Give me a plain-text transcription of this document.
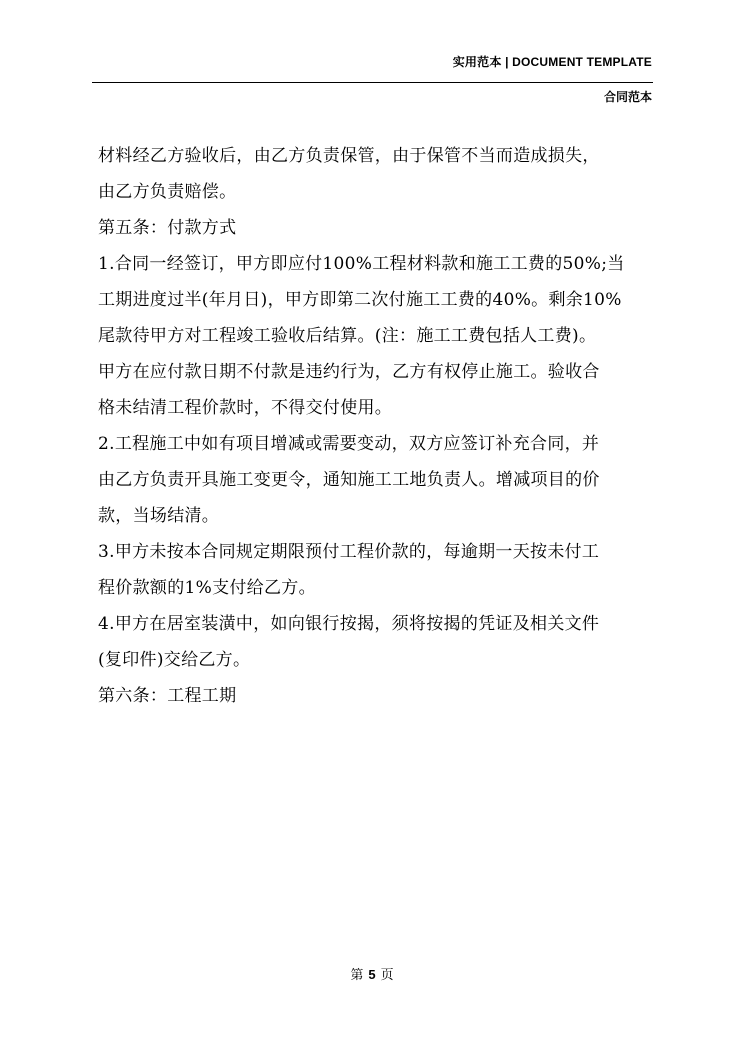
实用范本 | DOCUMENT TEMPLATE
合同范本

材料经乙方验收后，由乙方负责保管，由于保管不当而造成损失，

由乙方负责赔偿。

第五条：付款方式

1.合同一经签订，甲方即应付100%工程材料款和施工工费的50%;当

工期进度过半(年月日)，甲方即第二次付施工工费的40%。剩余10%

尾款待甲方对工程竣工验收后结算。(注：施工工费包括人工费)。

甲方在应付款日期不付款是违约行为，乙方有权停止施工。验收合

格未结清工程价款时，不得交付使用。

2.工程施工中如有项目增减或需要变动，双方应签订补充合同，并

由乙方负责开具施工变更令，通知施工工地负责人。增减项目的价

款，当场结清。

3.甲方未按本合同规定期限预付工程价款的，每逾期一天按未付工

程价款额的1%支付给乙方。

4.甲方在居室装潢中，如向银行按揭，须将按揭的凭证及相关文件

(复印件)交给乙方。

第六条：工程工期

第 5 页
